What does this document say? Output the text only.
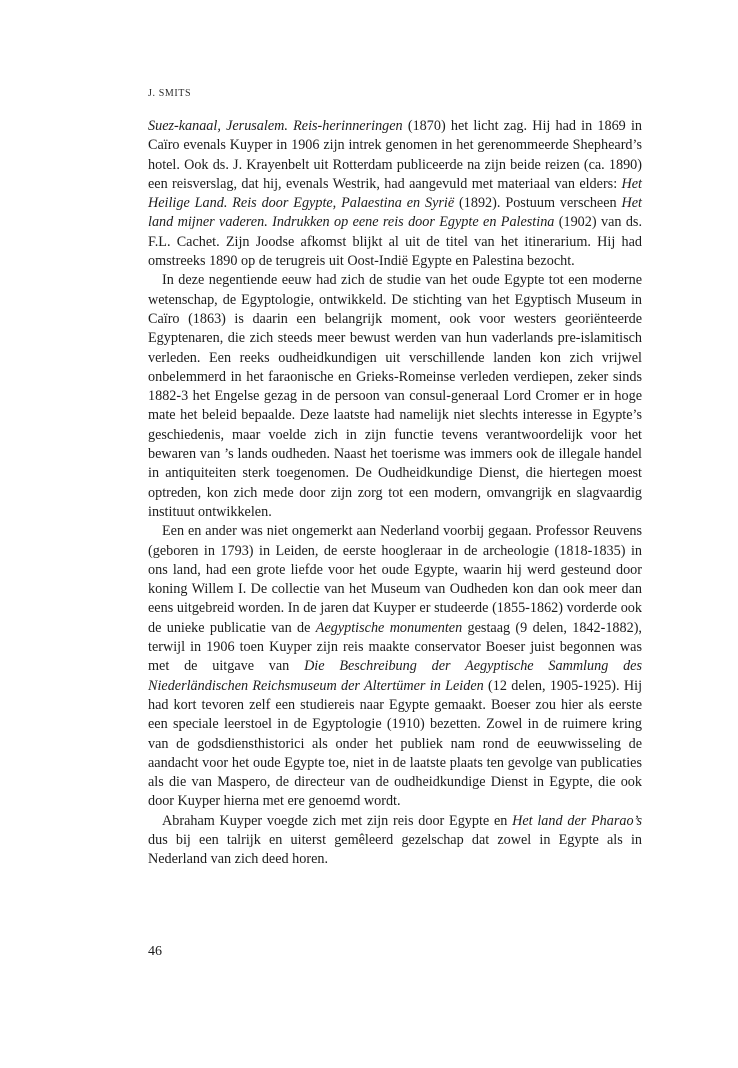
J. SMITS

Suez-kanaal, Jerusalem. Reis-herinneringen (1870) het licht zag. Hij had in 1869 in Caïro evenals Kuyper in 1906 zijn intrek genomen in het gerenommeerde Shepheard’s hotel. Ook ds. J. Krayenbelt uit Rotterdam publiceerde na zijn beide reizen (ca. 1890) een reisverslag, dat hij, evenals Westrik, had aangevuld met materiaal van elders: Het Heilige Land. Reis door Egypte, Palaestina en Syrië (1892). Postuum verscheen Het land mijner vaderen. Indrukken op eene reis door Egypte en Palestina (1902) van ds. F.L. Cachet. Zijn Joodse afkomst blijkt al uit de titel van het itinerarium. Hij had omstreeks 1890 op de terugreis uit Oost-Indië Egypte en Palestina bezocht.

In deze negentiende eeuw had zich de studie van het oude Egypte tot een moderne wetenschap, de Egyptologie, ontwikkeld. De stichting van het Egyptisch Museum in Caïro (1863) is daarin een belangrijk moment, ook voor westers georiënteerde Egyptenaren, die zich steeds meer bewust werden van hun vaderlands pre-islamitisch verleden. Een reeks oudheidkundigen uit verschillende landen kon zich vrijwel onbelemmerd in het faraonische en Grieks-Romeinse verleden verdiepen, zeker sinds 1882-3 het Engelse gezag in de persoon van consul-generaal Lord Cromer er in hoge mate het beleid bepaalde. Deze laatste had namelijk niet slechts interesse in Egypte’s geschiedenis, maar voelde zich in zijn functie tevens verantwoordelijk voor het bewaren van ’s lands oudheden. Naast het toerisme was immers ook de illegale handel in antiquiteiten sterk toegenomen. De Oudheidkundige Dienst, die hiertegen moest optreden, kon zich mede door zijn zorg tot een modern, omvangrijk en slagvaardig instituut ontwikkelen.

Een en ander was niet ongemerkt aan Nederland voorbij gegaan. Professor Reuvens (geboren in 1793) in Leiden, de eerste hoogleraar in de archeologie (1818-1835) in ons land, had een grote liefde voor het oude Egypte, waarin hij werd gesteund door koning Willem I. De collectie van het Museum van Oudheden kon dan ook meer dan eens uitgebreid worden. In de jaren dat Kuyper er studeerde (1855-1862) vorderde ook de unieke publicatie van de Aegyptische monumenten gestaag (9 delen, 1842-1882), terwijl in 1906 toen Kuyper zijn reis maakte conservator Boeser juist begonnen was met de uitgave van Die Beschreibung der Aegyptische Sammlung des Niederländischen Reichsmuseum der Altertümer in Leiden (12 delen, 1905-1925). Hij had kort tevoren zelf een studiereis naar Egypte gemaakt. Boeser zou hier als eerste een speciale leerstoel in de Egyptologie (1910) bezetten. Zowel in de ruimere kring van de godsdiensthistorici als onder het publiek nam rond de eeuwwisseling de aandacht voor het oude Egypte toe, niet in de laatste plaats ten gevolge van publicaties als die van Maspero, de directeur van de oudheidkundige Dienst in Egypte, die ook door Kuyper hierna met ere genoemd wordt.

Abraham Kuyper voegde zich met zijn reis door Egypte en Het land der Pharao’s dus bij een talrijk en uiterst gemêleerd gezelschap dat zowel in Egypte als in Nederland van zich deed horen.

46
